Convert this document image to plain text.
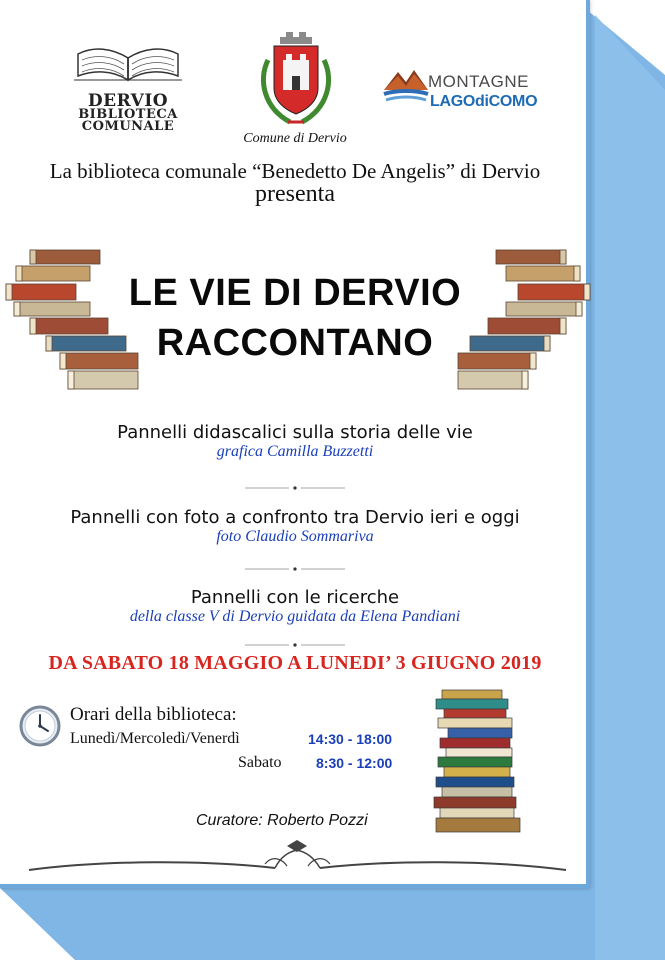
DERVIO
BIBLIOTECA
COMUNALE
Comune di Dervio
MONTAGNE
LAGOdiCOMO
La biblioteca comunale “Benedetto De Angelis” di Dervio
presenta
LE VIE DI DERVIO
RACCONTANO
Pannelli didascalici sulla storia delle vie
grafica Camilla Buzzetti
Pannelli con foto a confronto tra Dervio ieri e oggi
foto Claudio Sommariva
Pannelli con le ricerche
della classe V di Dervio guidata da Elena Pandiani
DA SABATO 18 MAGGIO A LUNEDI’ 3 GIUGNO 2019
Orari della biblioteca:
Lunedì/Mercoledì/Venerdì	14:30 - 18:00
Sabato 8:30 - 12:00
Curatore: Roberto Pozzi
